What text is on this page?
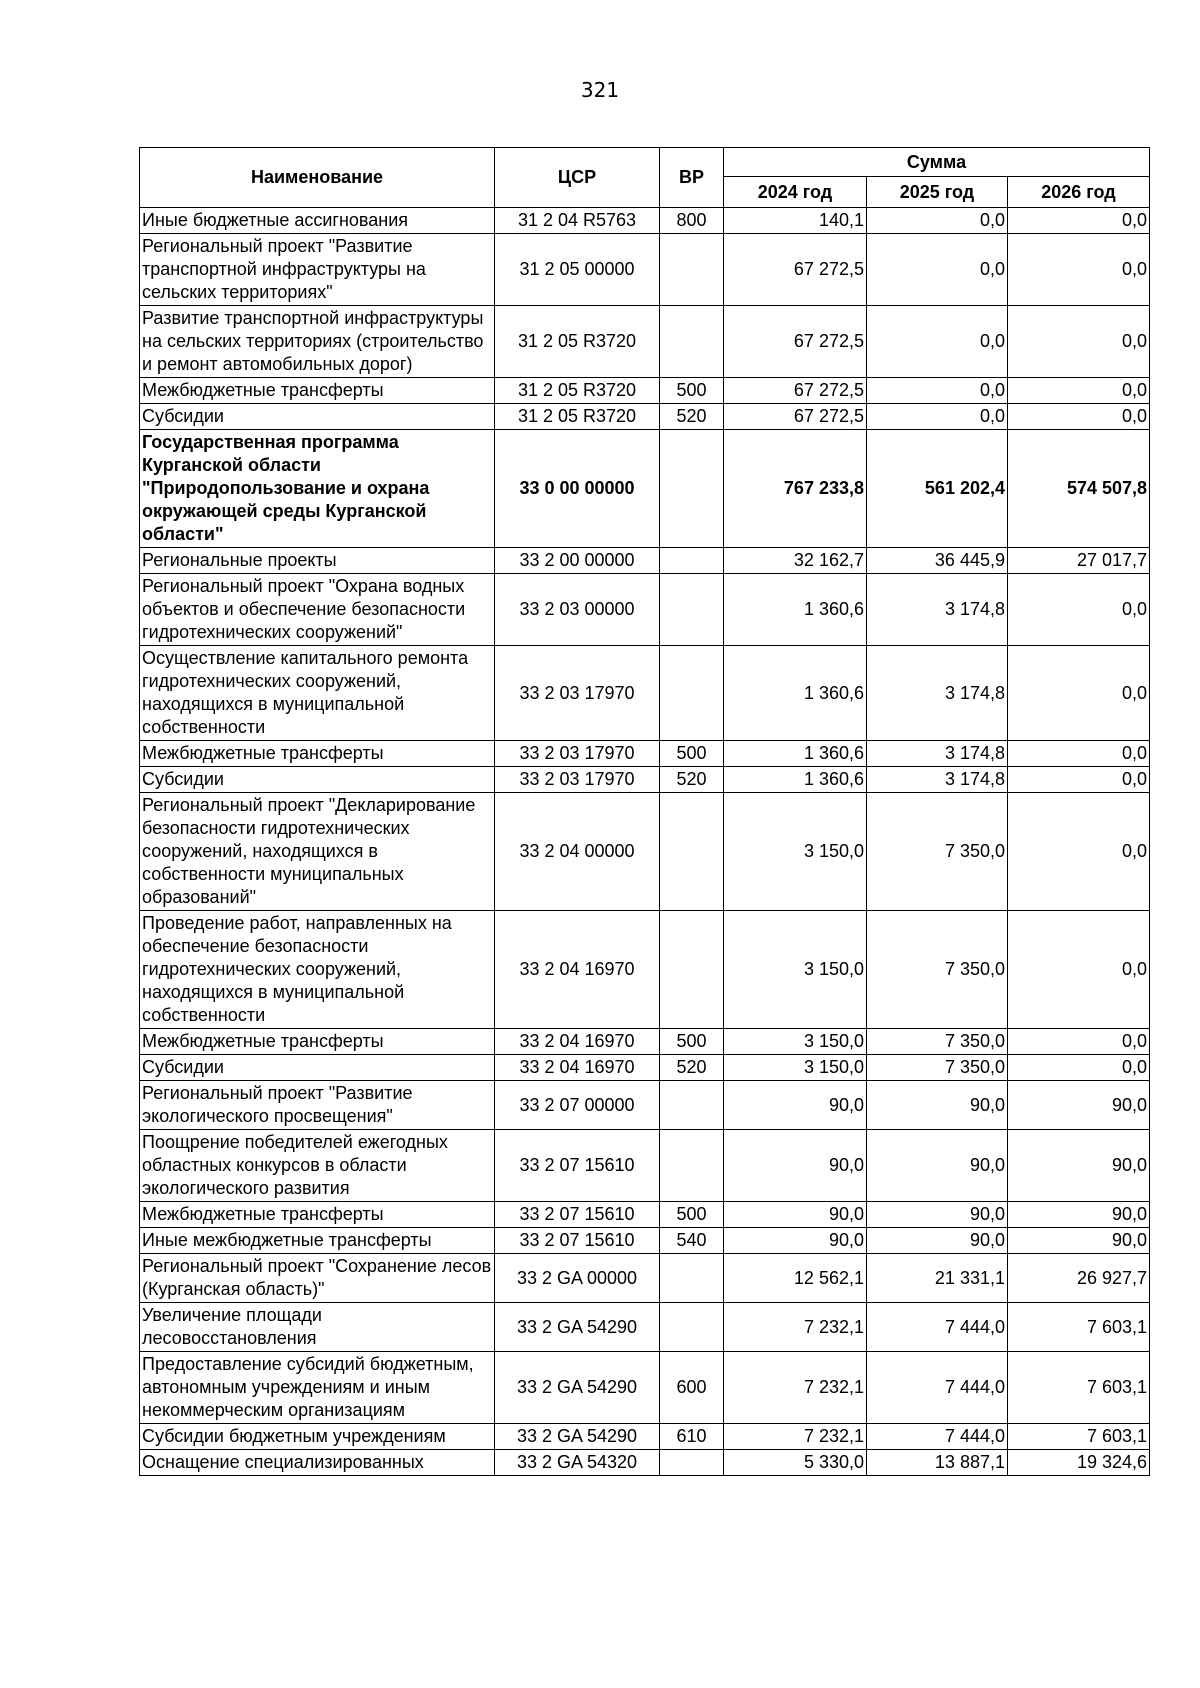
321
Наименование	ЦСР	ВР	Сумма		
			2024 год	2025 год	2026 год
Иные бюджетные ассигнования	31 2 04 R5763	800	140,1	0,0	0,0
Региональный проект "Развитие транспортной инфраструктуры на сельских территориях"	31 2 05 00000		67 272,5	0,0	0,0
Развитие транспортной инфраструктуры на сельских территориях (строительство и ремонт автомобильных дорог)	31 2 05 R3720		67 272,5	0,0	0,0
Межбюджетные трансферты	31 2 05 R3720	500	67 272,5	0,0	0,0
Субсидии	31 2 05 R3720	520	67 272,5	0,0	0,0
Государственная программа Курганской области "Природопользование и охрана окружающей среды Курганской области"	33 0 00 00000		767 233,8	561 202,4	574 507,8
Региональные проекты	33 2 00 00000		32 162,7	36 445,9	27 017,7
Региональный проект "Охрана водных объектов и обеспечение безопасности гидротехнических сооружений"	33 2 03 00000		1 360,6	3 174,8	0,0
Осуществление капитального ремонта гидротехнических сооружений, находящихся в муниципальной собственности	33 2 03 17970		1 360,6	3 174,8	0,0
Межбюджетные трансферты	33 2 03 17970	500	1 360,6	3 174,8	0,0
Субсидии	33 2 03 17970	520	1 360,6	3 174,8	0,0
Региональный проект "Декларирование безопасности гидротехнических сооружений, находящихся в собственности муниципальных образований"	33 2 04 00000		3 150,0	7 350,0	0,0
Проведение работ, направленных на обеспечение безопасности гидротехнических сооружений, находящихся в муниципальной собственности	33 2 04 16970		3 150,0	7 350,0	0,0
Межбюджетные трансферты	33 2 04 16970	500	3 150,0	7 350,0	0,0
Субсидии	33 2 04 16970	520	3 150,0	7 350,0	0,0
Региональный проект "Развитие экологического просвещения"	33 2 07 00000		90,0	90,0	90,0
Поощрение победителей ежегодных областных конкурсов в области экологического развития	33 2 07 15610		90,0	90,0	90,0
Межбюджетные трансферты	33 2 07 15610	500	90,0	90,0	90,0
Иные межбюджетные трансферты	33 2 07 15610	540	90,0	90,0	90,0
Региональный проект "Сохранение лесов (Курганская область)"	33 2 GA 00000		12 562,1	21 331,1	26 927,7
Увеличение площади лесовосстановления	33 2 GA 54290		7 232,1	7 444,0	7 603,1
Предоставление субсидий бюджетным, автономным учреждениям и иным некоммерческим организациям	33 2 GA 54290	600	7 232,1	7 444,0	7 603,1
Субсидии бюджетным учреждениям	33 2 GA 54290	610	7 232,1	7 444,0	7 603,1
Оснащение специализированных	33 2 GA 54320		5 330,0	13 887,1	19 324,6
